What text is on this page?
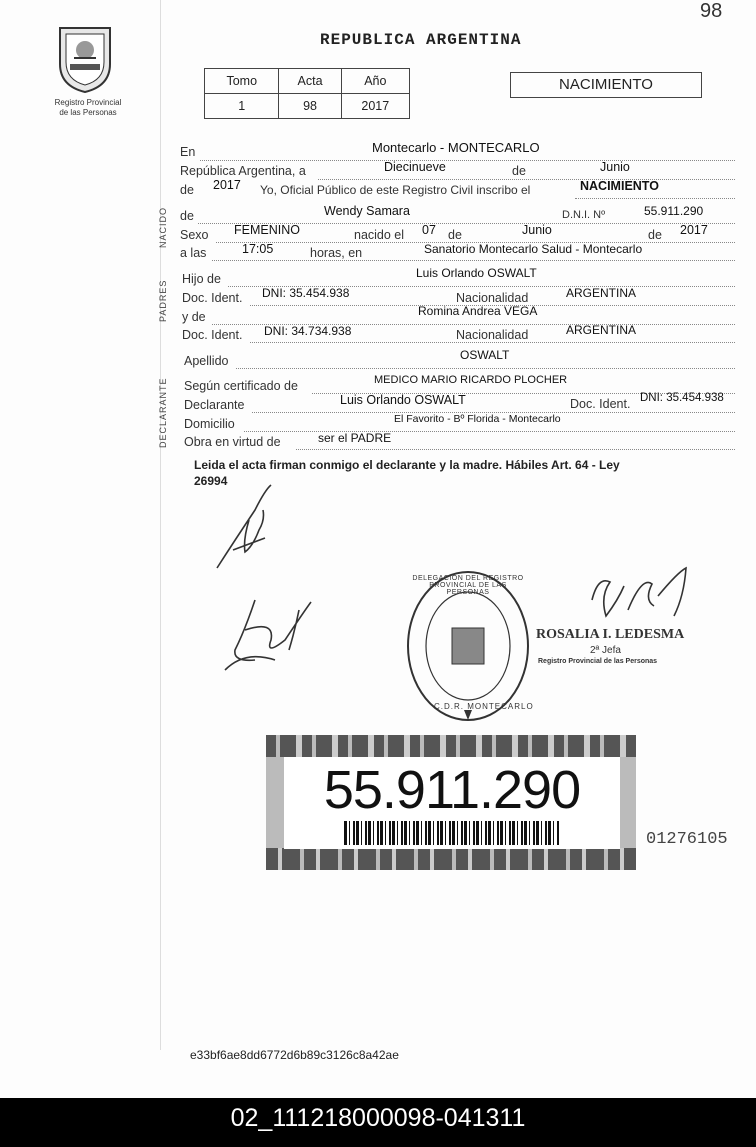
98
Registro Provincial
de las Personas
REPUBLICA ARGENTINA
Tomo	Acta	Año
1	98	2017
NACIMIENTO
NACIDO
PADRES
DECLARANTE
En	Montecarlo - MONTECARLO
República Argentina, a	Diecinueve	de	Junio
de 2017 Yo, Oficial Público de este Registro Civil inscribo el	NACIMIENTO
de	Wendy Samara	D.N.I. Nº	55.911.290
Sexo FEMENINO	nacido el 07 de	Junio	de 2017
a las	17:05	horas, en	Sanatorio Montecarlo Salud - Montecarlo
Hijo de	Luis Orlando OSWALT
Doc. Ident. DNI: 35.454.938	Nacionalidad	ARGENTINA
y de	Romina Andrea VEGA
Doc. Ident. DNI: 34.734.938	Nacionalidad	ARGENTINA
Apellido	OSWALT
Según certificado de	MEDICO MARIO RICARDO PLOCHER
Declarante	Luis Orlando OSWALT	Doc. Ident. DNI: 35.454.938
Domicilio	El Favorito - Bº Florida - Montecarlo
Obra en virtud de	ser el PADRE
Leida el acta firman conmigo el declarante y la madre. Hábiles Art. 64 - Ley
26994
DELEGACION DEL REGISTRO PROVINCIAL DE LAS PERSONAS
C.D.R. MONTECARLO
ROSALIA I. LEDESMA
2ª Jefa
Registro Provincial de las Personas
55.911.290
01276105
e33bf6ae8dd6772d6b89c3126c8a42ae
02_111218000098-041311
